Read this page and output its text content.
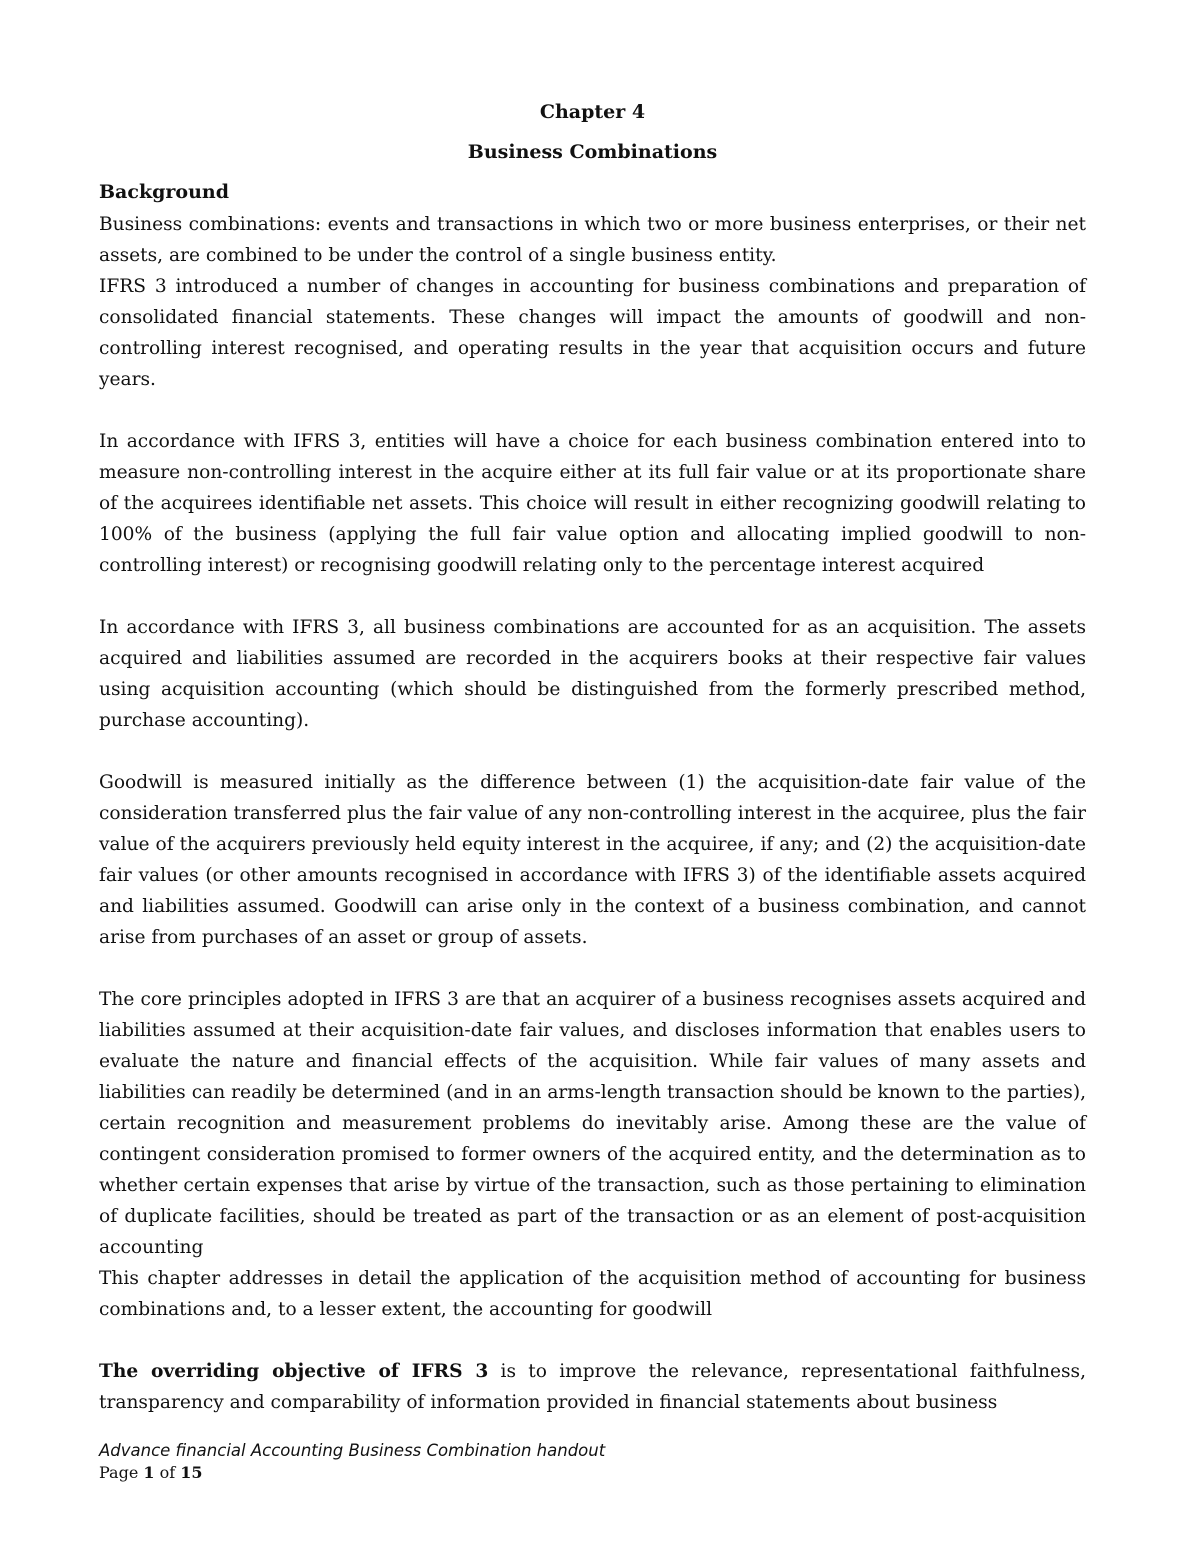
Chapter 4
Business Combinations
Background

Business combinations: events and transactions in which two or more business enterprises, or their net assets, are combined to be under the control of a single business entity.

IFRS 3 introduced a number of changes in accounting for business combinations and preparation of consolidated financial statements. These changes will impact the amounts of goodwill and non-controlling interest recognised, and operating results in the year that acquisition occurs and future years.

In accordance with IFRS 3, entities will have a choice for each business combination entered into to measure non-controlling interest in the acquire either at its full fair value or at its proportionate share of the acquirees identifiable net assets. This choice will result in either recognizing goodwill relating to 100% of the business (applying the full fair value option and allocating implied goodwill to non-controlling interest) or recognising goodwill relating only to the percentage interest acquired

In accordance with IFRS 3, all business combinations are accounted for as an acquisition. The assets acquired and liabilities assumed are recorded in the acquirers books at their respective fair values using acquisition accounting (which should be distinguished from the formerly prescribed method, purchase accounting).

Goodwill is measured initially as the difference between (1) the acquisition-date fair value of the consideration transferred plus the fair value of any non-controlling interest in the acquiree, plus the fair value of the acquirers previously held equity interest in the acquiree, if any; and (2) the acquisition-date fair values (or other amounts recognised in accordance with IFRS 3) of the identifiable assets acquired and liabilities assumed. Goodwill can arise only in the context of a business combination, and cannot arise from purchases of an asset or group of assets.

The core principles adopted in IFRS 3 are that an acquirer of a business recognises assets acquired and liabilities assumed at their acquisition-date fair values, and discloses information that enables users to evaluate the nature and financial effects of the acquisition. While fair values of many assets and liabilities can readily be determined (and in an arms-length transaction should be known to the parties), certain recognition and measurement problems do inevitably arise. Among these are the value of contingent consideration promised to former owners of the acquired entity, and the determination as to whether certain expenses that arise by virtue of the transaction, such as those pertaining to elimination of duplicate facilities, should be treated as part of the transaction or as an element of post-acquisition accounting

This chapter addresses in detail the application of the acquisition method of accounting for business combinations and, to a lesser extent, the accounting for goodwill

The overriding objective of IFRS 3 is to improve the relevance, representational faithfulness, transparency and comparability of information provided in financial statements about business

Advance financial Accounting Business Combination handout
Page 1 of 15
